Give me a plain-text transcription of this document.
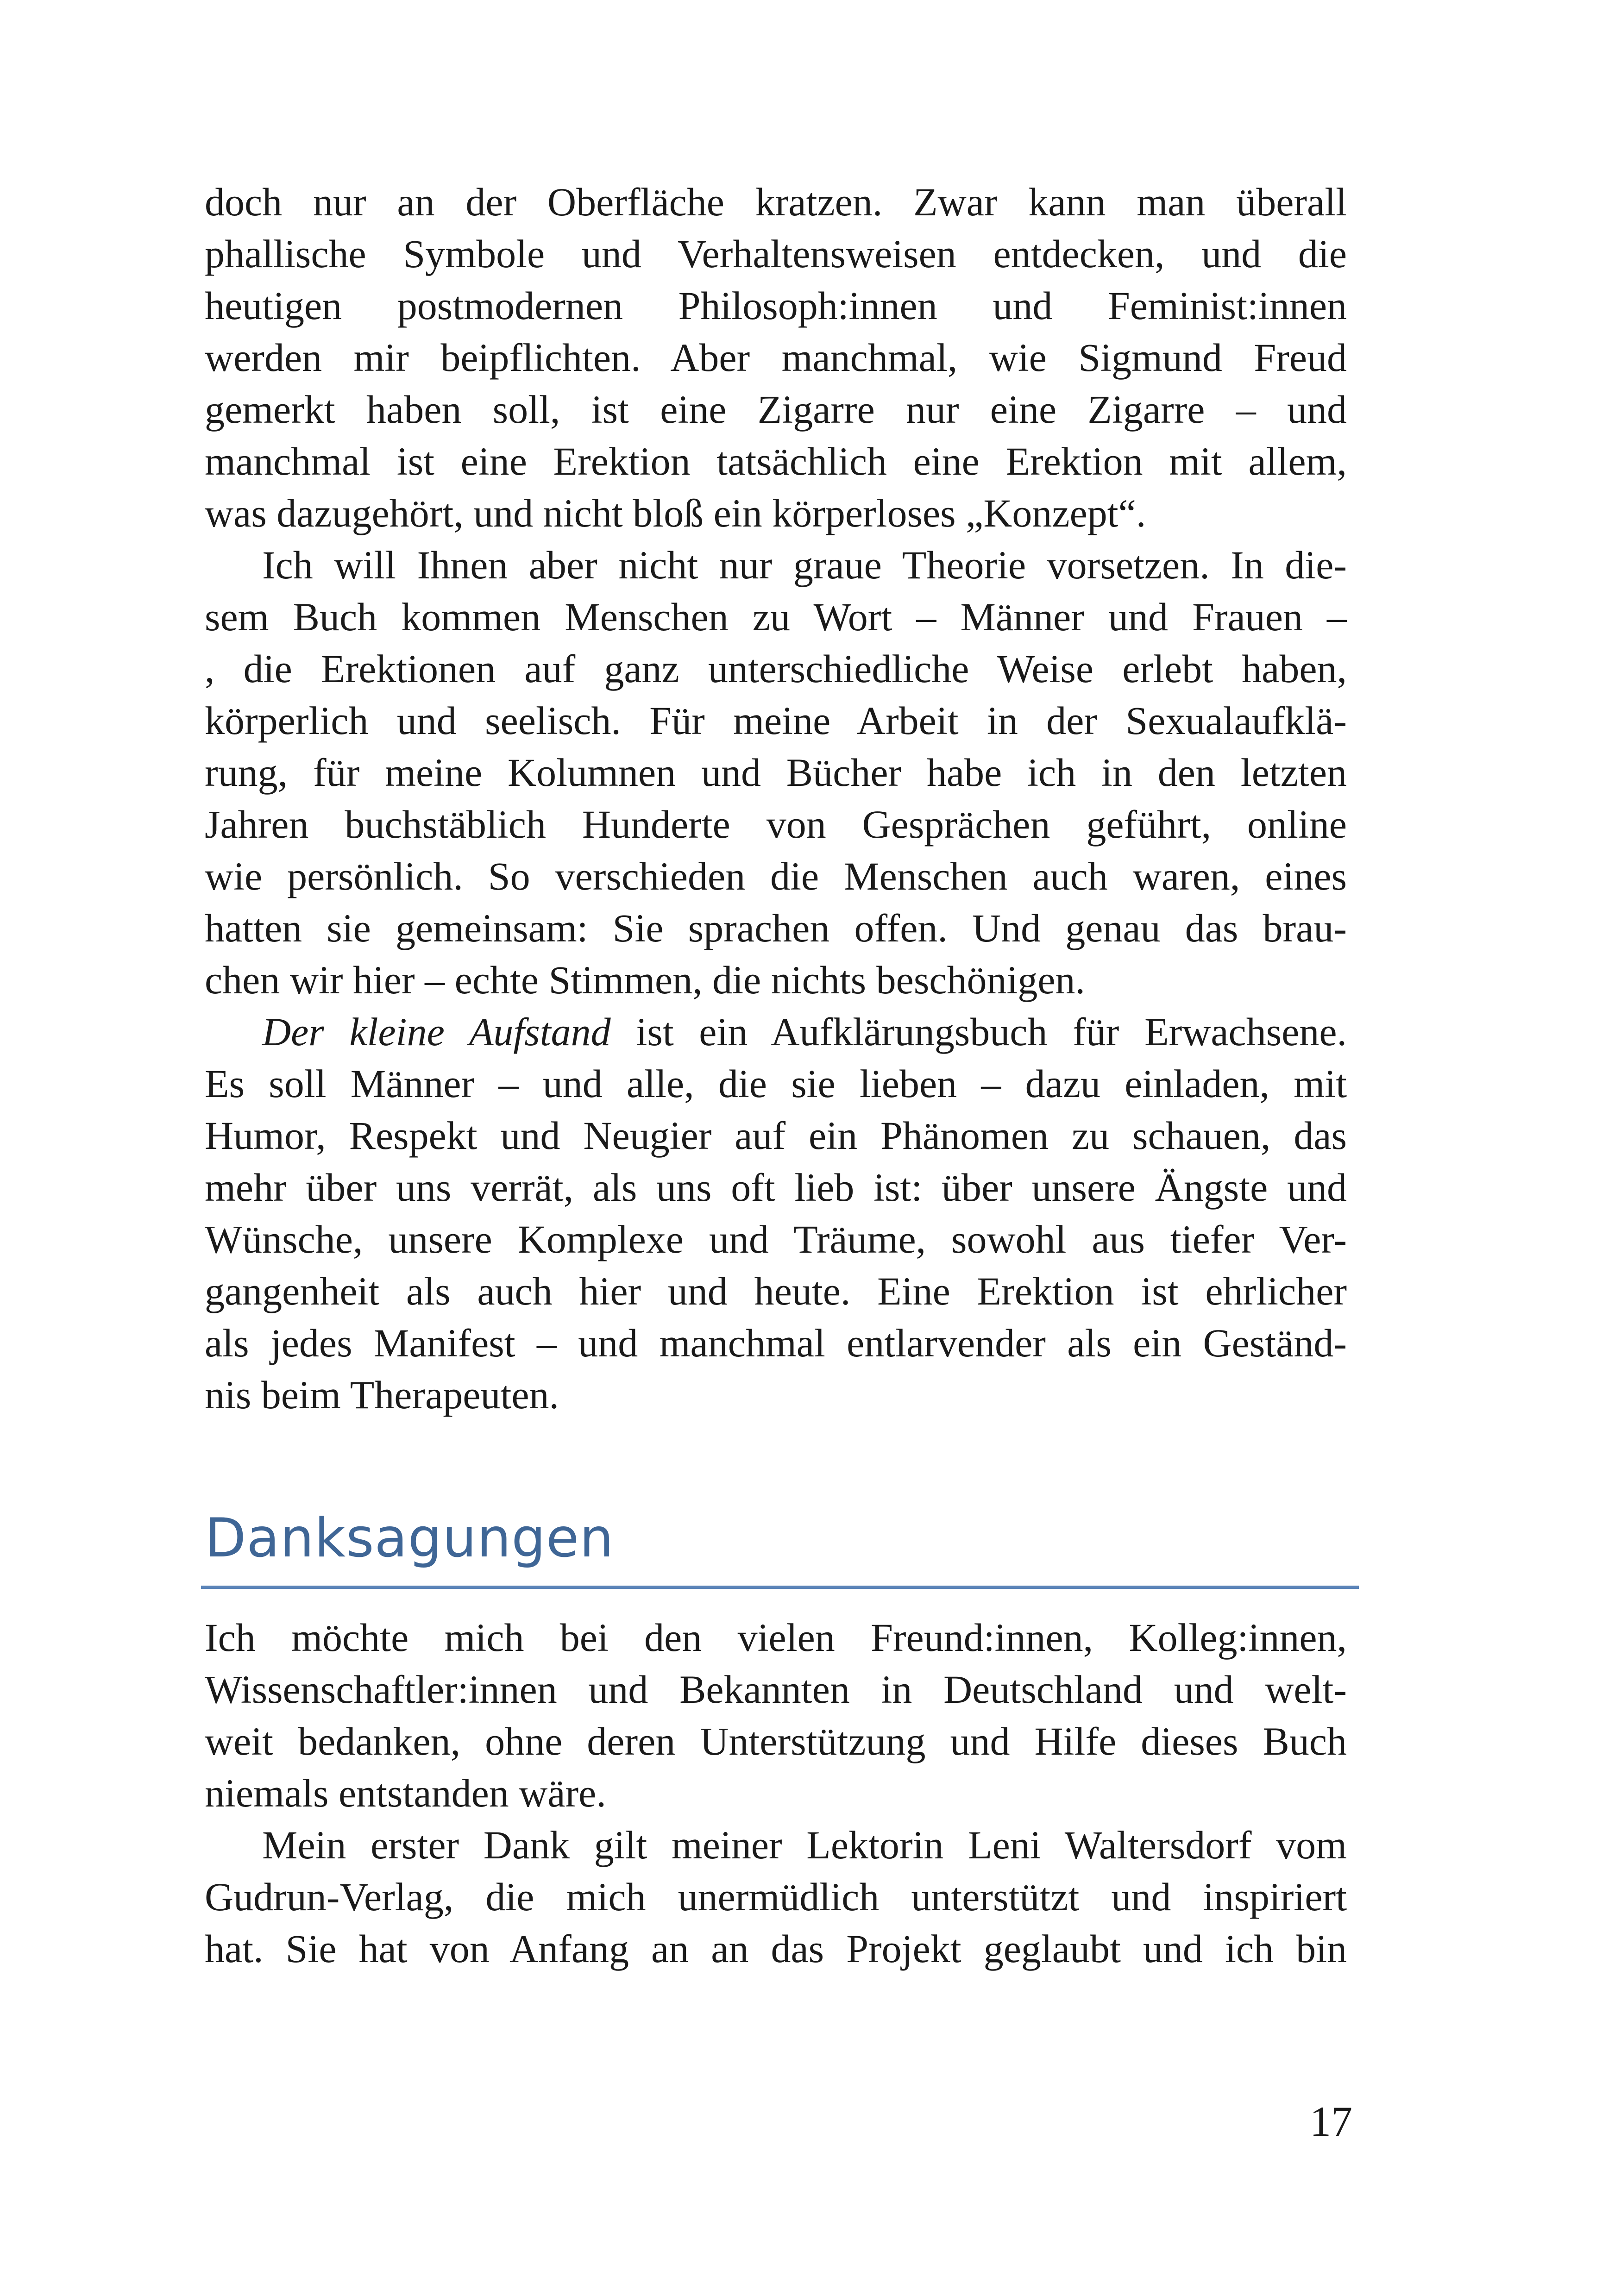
doch nur an der Oberfläche kratzen. Zwar kann man überall
phallische Symbole und Verhaltensweisen entdecken, und die
heutigen postmodernen Philosoph:innen und Feminist:innen
werden mir beipflichten. Aber manchmal, wie Sigmund Freud
gemerkt haben soll, ist eine Zigarre nur eine Zigarre – und
manchmal ist eine Erektion tatsächlich eine Erektion mit allem,
was dazugehört, und nicht bloß ein körperloses „Konzept“.
Ich will Ihnen aber nicht nur graue Theorie vorsetzen. In die-
sem Buch kommen Menschen zu Wort – Männer und Frauen –
, die Erektionen auf ganz unterschiedliche Weise erlebt haben,
körperlich und seelisch. Für meine Arbeit in der Sexualaufklä-
rung, für meine Kolumnen und Bücher habe ich in den letzten
Jahren buchstäblich Hunderte von Gesprächen geführt, online
wie persönlich. So verschieden die Menschen auch waren, eines
hatten sie gemeinsam: Sie sprachen offen. Und genau das brau-
chen wir hier – echte Stimmen, die nichts beschönigen.
Der kleine Aufstand ist ein Aufklärungsbuch für Erwachsene.
Es soll Männer – und alle, die sie lieben – dazu einladen, mit
Humor, Respekt und Neugier auf ein Phänomen zu schauen, das
mehr über uns verrät, als uns oft lieb ist: über unsere Ängste und
Wünsche, unsere Komplexe und Träume, sowohl aus tiefer Ver-
gangenheit als auch hier und heute. Eine Erektion ist ehrlicher
als jedes Manifest – und manchmal entlarvender als ein Geständ-
nis beim Therapeuten.
Danksagungen
Ich möchte mich bei den vielen Freund:innen, Kolleg:innen,
Wissenschaftler:innen und Bekannten in Deutschland und welt-
weit bedanken, ohne deren Unterstützung und Hilfe dieses Buch
niemals entstanden wäre.
Mein erster Dank gilt meiner Lektorin Leni Waltersdorf vom
Gudrun-Verlag, die mich unermüdlich unterstützt und inspiriert
hat. Sie hat von Anfang an an das Projekt geglaubt und ich bin
17
